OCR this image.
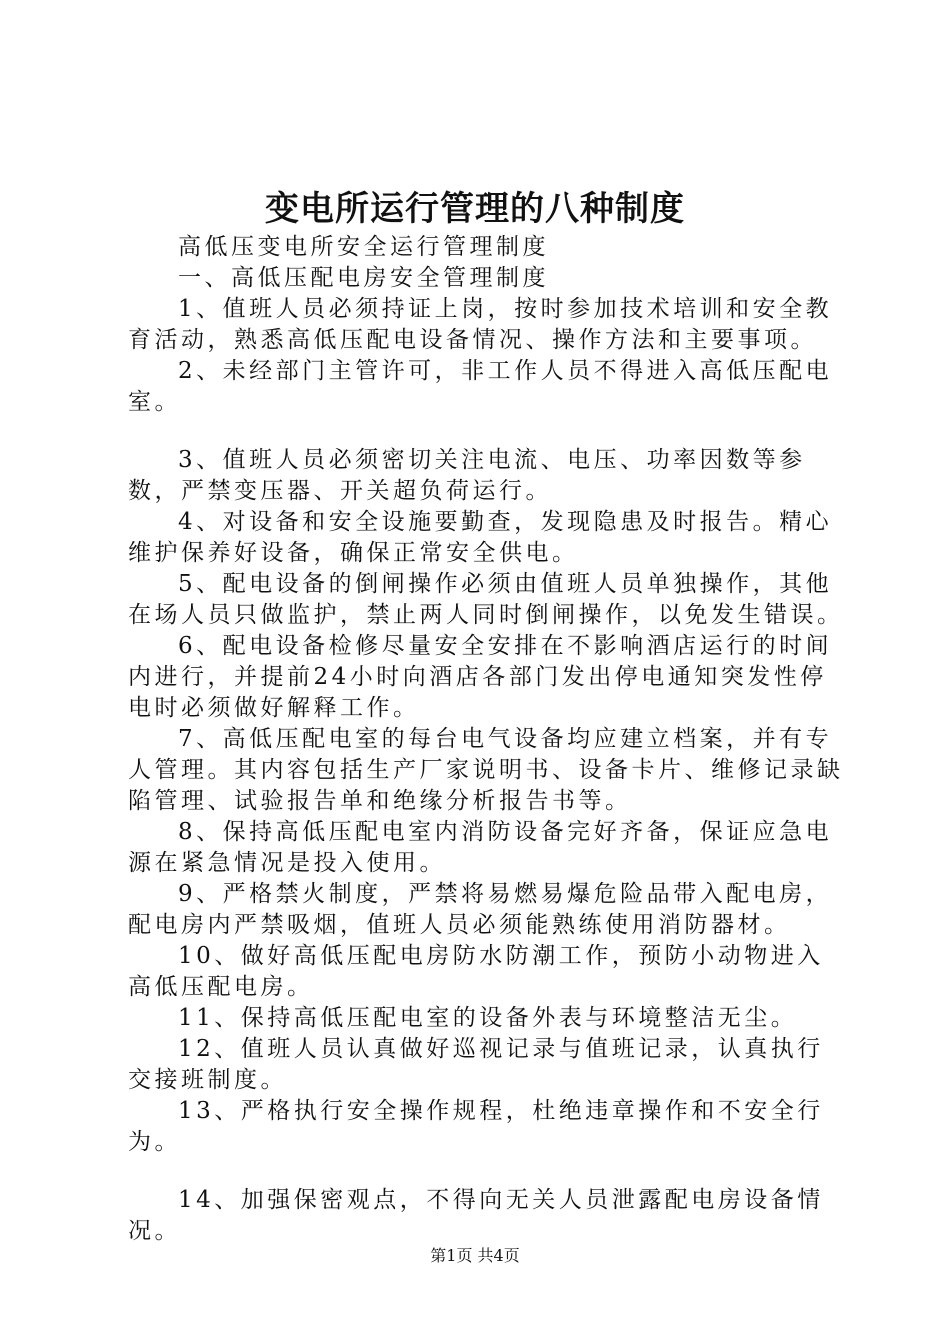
变电所运行管理的八种制度

高低压变电所安全运行管理制度

一、高低压配电房安全管理制度

1、值班人员必须持证上岗，按时参加技术培训和安全教育活动，熟悉高低压配电设备情况、操作方法和主要事项。

2、未经部门主管许可，非工作人员不得进入高低压配电室。

3、值班人员必须密切关注电流、电压、功率因数等参数，严禁变压器、开关超负荷运行。

4、对设备和安全设施要勤查，发现隐患及时报告。精心维护保养好设备，确保正常安全供电。

5、配电设备的倒闸操作必须由值班人员单独操作，其他在场人员只做监护，禁止两人同时倒闸操作，以免发生错误。

6、配电设备检修尽量安全安排在不影响酒店运行的时间内进行，并提前24小时向酒店各部门发出停电通知突发性停电时必须做好解释工作。

7、高低压配电室的每台电气设备均应建立档案，并有专人管理。其内容包括生产厂家说明书、设备卡片、维修记录缺陷管理、试验报告单和绝缘分析报告书等。

8、保持高低压配电室内消防设备完好齐备，保证应急电源在紧急情况是投入使用。

9、严格禁火制度，严禁将易燃易爆危险品带入配电房，配电房内严禁吸烟，值班人员必须能熟练使用消防器材。

10、做好高低压配电房防水防潮工作，预防小动物进入高低压配电房。

11、保持高低压配电室的设备外表与环境整洁无尘。

12、值班人员认真做好巡视记录与值班记录，认真执行交接班制度。

13、严格执行安全操作规程，杜绝违章操作和不安全行为。

14、加强保密观点，不得向无关人员泄露配电房设备情况。

第1页 共4页
